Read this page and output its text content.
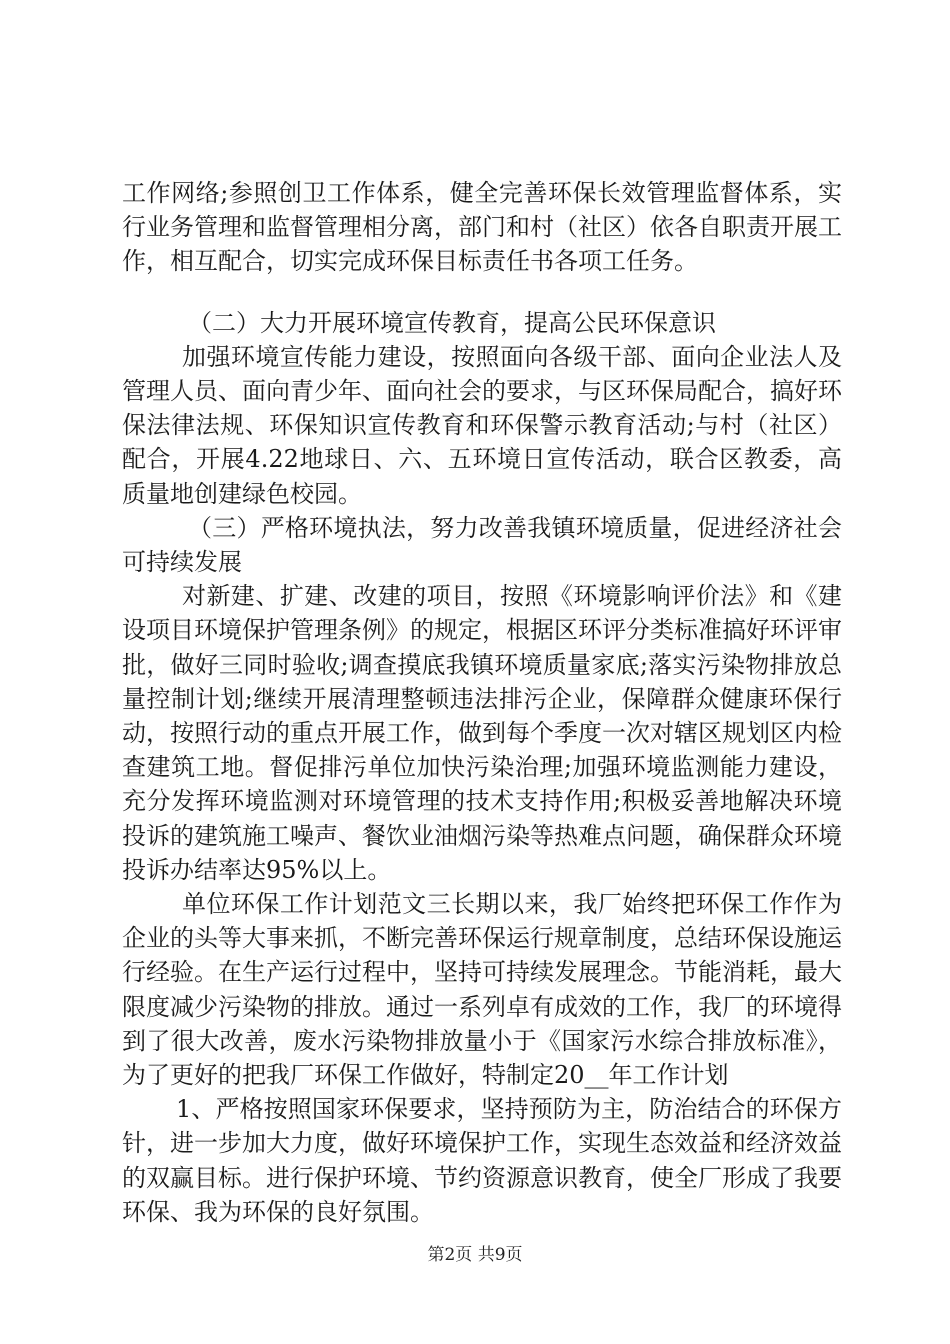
工作网络;参照创卫工作体系，健全完善环保长效管理监督体系，实行业务管理和监督管理相分离，部门和村（社区）依各自职责开展工作，相互配合，切实完成环保目标责任书各项工任务。

（二）大力开展环境宣传教育，提高公民环保意识

加强环境宣传能力建设，按照面向各级干部、面向企业法人及管理人员、面向青少年、面向社会的要求，与区环保局配合，搞好环保法律法规、环保知识宣传教育和环保警示教育活动;与村（社区）配合，开展4.22地球日、六、五环境日宣传活动，联合区教委，高质量地创建绿色校园。

（三）严格环境执法，努力改善我镇环境质量，促进经济社会可持续发展

对新建、扩建、改建的项目，按照《环境影响评价法》和《建设项目环境保护管理条例》的规定，根据区环评分类标准搞好环评审批，做好三同时验收;调查摸底我镇环境质量家底;落实污染物排放总量控制计划;继续开展清理整顿违法排污企业，保障群众健康环保行动，按照行动的重点开展工作，做到每个季度一次对辖区规划区内检查建筑工地。督促排污单位加快污染治理;加强环境监测能力建设，充分发挥环境监测对环境管理的技术支持作用;积极妥善地解决环境投诉的建筑施工噪声、餐饮业油烟污染等热难点问题，确保群众环境投诉办结率达95%以上。

单位环保工作计划范文三长期以来，我厂始终把环保工作作为企业的头等大事来抓，不断完善环保运行规章制度，总结环保设施运行经验。在生产运行过程中，坚持可持续发展理念。节能消耗，最大限度减少污染物的排放。通过一系列卓有成效的工作，我厂的环境得到了很大改善，废水污染物排放量小于《国家污水综合排放标准》，为了更好的把我厂环保工作做好，特制定20__年工作计划

1、严格按照国家环保要求，坚持预防为主，防治结合的环保方针，进一步加大力度，做好环境保护工作，实现生态效益和经济效益的双赢目标。进行保护环境、节约资源意识教育，使全厂形成了我要环保、我为环保的良好氛围。

第2页 共9页
